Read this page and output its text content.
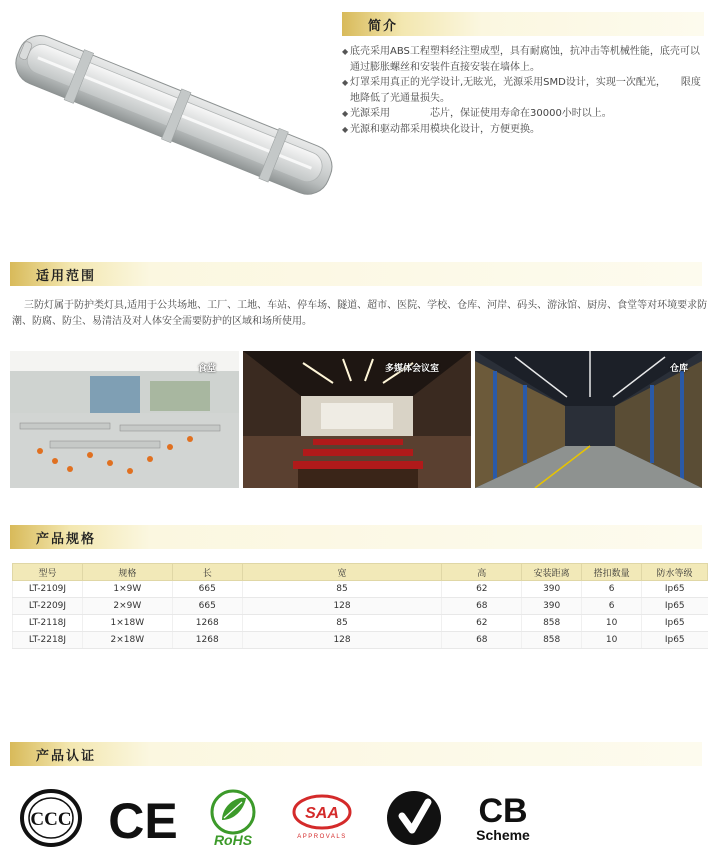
简介
◆ 底壳采用ABS工程塑料经注塑成型，具有耐腐蚀，抗冲击等机械性能，底壳可以通过膨胀螺丝和安装件直接安装在墙体上。
◆ 灯罩采用真正的光学设计,无眩光，光源采用SMD设计，实现一次配光，　　限度地降低了光通量损失。
◆ 光源采用　　　　芯片，保证使用寿命在30000小时以上。
◆ 光源和驱动都采用模块化设计，方便更换。
适用范围
三防灯属于防护类灯具,适用于公共场地、工厂、工地、车站、停车场、隧道、超市、医院、学校、仓库、河岸、码头、游泳馆、厨房、食堂等对环境要求防潮、防腐、防尘、易清洁及对人体安全需要防护的区域和场所使用。
食堂	多媒体会议室	仓库
产品规格
型号	规格	长	宽	高	安装距离	搭扣数量	防水等级
LT-2109J	1×9W	665	85	62	390	6	Ip65
LT-2209J	2×9W	665	128	68	390	6	Ip65
LT-2118J	1×18W	1268	85	62	858	10	Ip65
LT-2218J	2×18W	1268	128	68	858	10	Ip65
产品认证
CCC CE	RoHS
SAA
APPROVALS
CB
Scheme
